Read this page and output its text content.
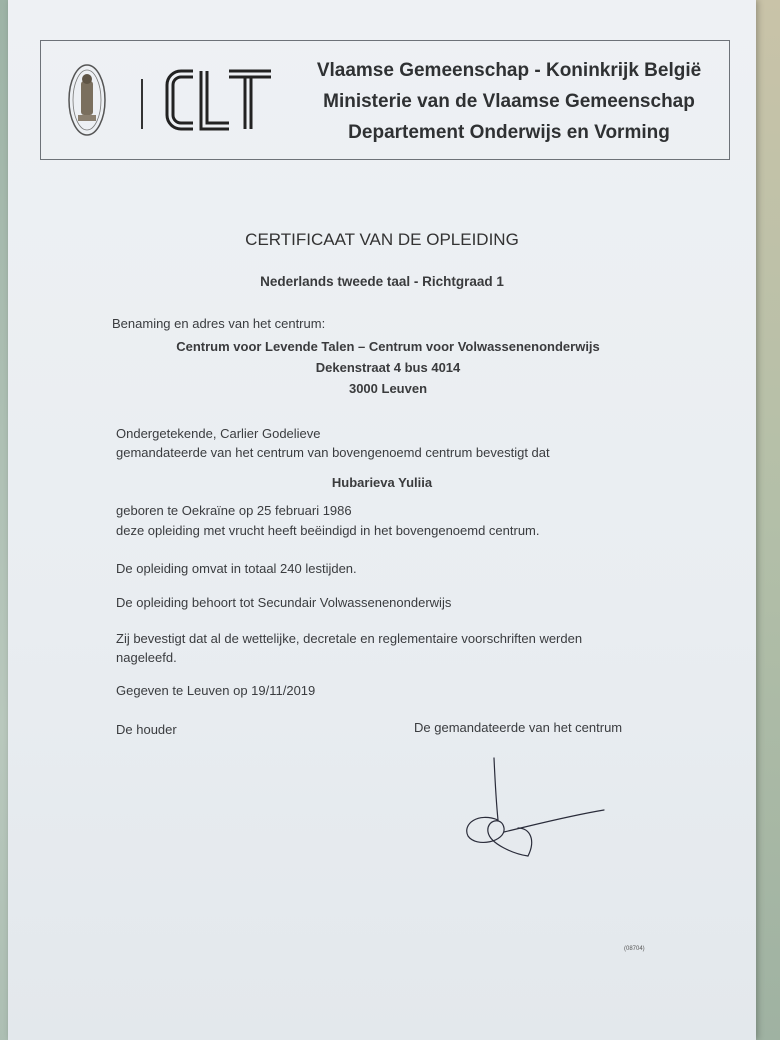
Vlaamse Gemeenschap - Koninkrijk België
Ministerie van de Vlaamse Gemeenschap
Departement Onderwijs en Vorming
CERTIFICAAT VAN DE OPLEIDING
Nederlands tweede taal - Richtgraad 1
Benaming en adres van het centrum:
Centrum voor Levende Talen – Centrum voor Volwassenenonderwijs
Dekenstraat 4 bus 4014
3000 Leuven
Ondergetekende, Carlier Godelieve
gemandateerde van het centrum van bovengenoemd centrum bevestigt dat
Hubarieva Yuliia
geboren te Oekraïne op 25 februari 1986
deze opleiding met vrucht heeft beëindigd in het bovengenoemd centrum.
De opleiding omvat in totaal 240 lestijden.
De opleiding behoort tot Secundair Volwassenenonderwijs
Zij bevestigt dat al de wettelijke, decretale en reglementaire voorschriften werden
nageleefd.
Gegeven te Leuven op 19/11/2019
De houder	De gemandateerde van het centrum
(08704)
